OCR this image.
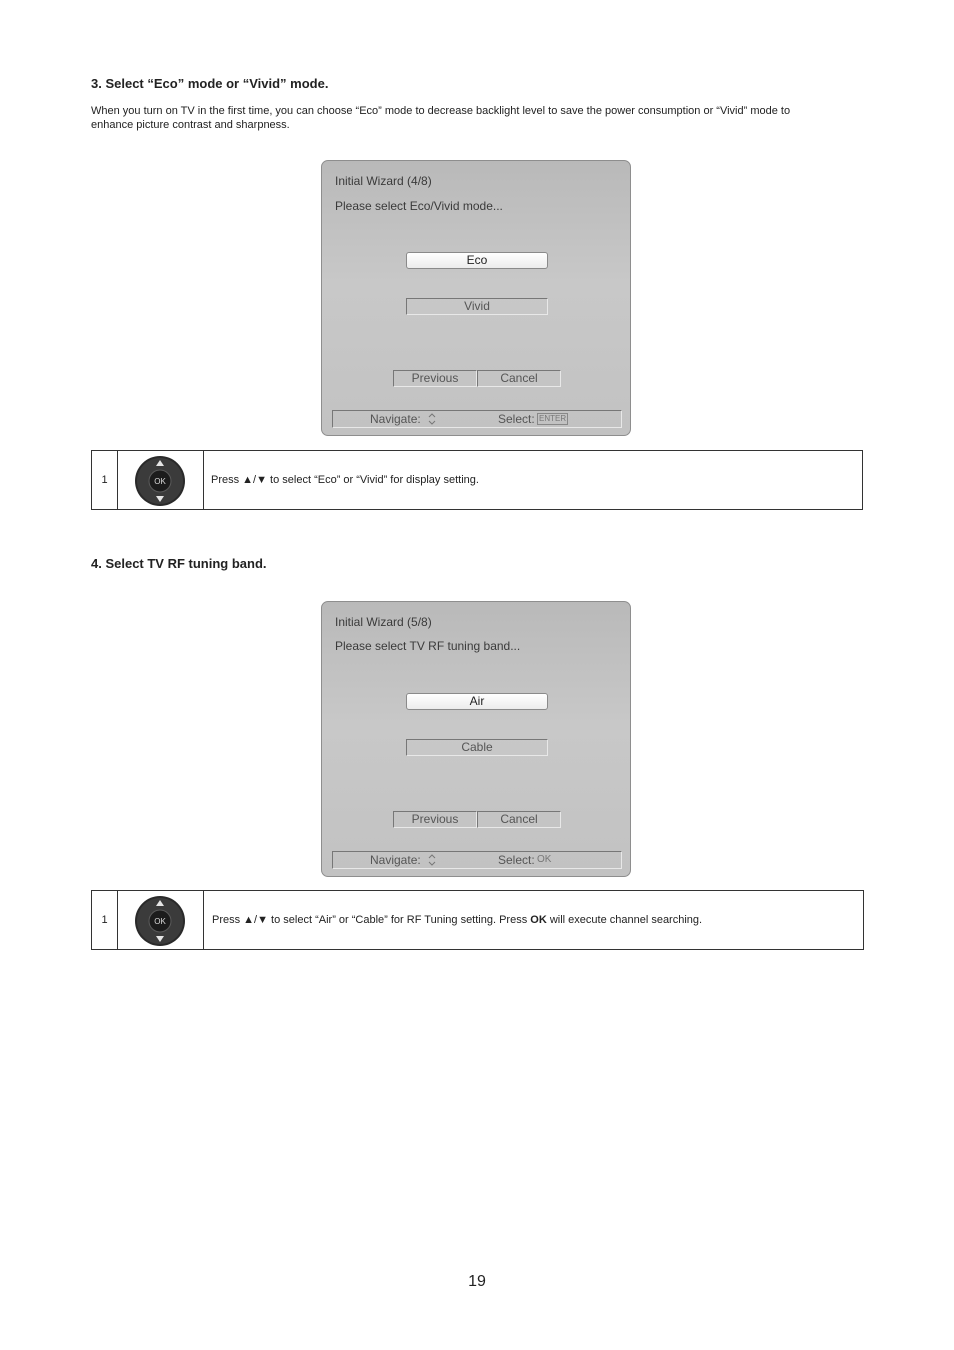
3. Select “Eco” mode or “Vivid” mode.
When you turn on TV in the first time, you can choose “Eco” mode to decrease backlight level to save the power consumption or “Vivid” mode to
enhance picture contrast and sharpness.
Initial Wizard (4/8)
Please select Eco/Vivid mode...
Eco
Vivid
Previous	Cancel
Navigate:	Select: ENTER
1	OK	Press ▲/▼ to select “Eco” or “Vivid” for display setting.
4. Select TV RF tuning band.
Initial Wizard (5/8)
Please select TV RF tuning band...
Air
Cable
Previous	Cancel
Navigate:	Select: OK
1	OK	Press ▲/▼ to select “Air” or “Cable” for RF Tuning setting. Press OK will execute channel searching.
19
